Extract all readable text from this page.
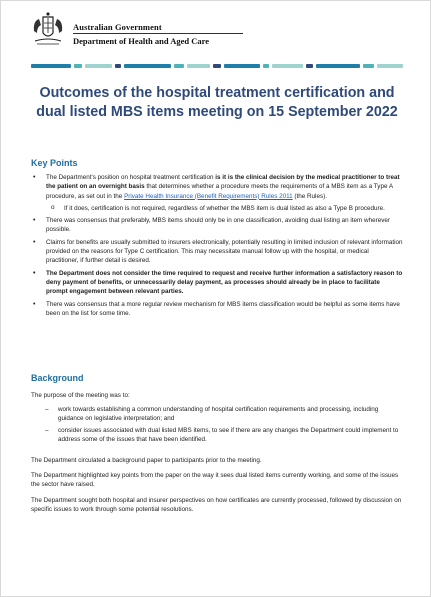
Australian Government
Department of Health and Aged Care
Outcomes of the hospital treatment certification and dual listed MBS items meeting on 15 September 2022
Key Points
• The Department's position on hospital treatment certification is it is the clinical decision by the medical practitioner to treat the patient on an overnight basis that determines whether a procedure meets the requirements of a MBS item as a Type A procedure, as set out in the Private Health Insurance (Benefit Requirements) Rules 2011 (the Rules).
o If it does, certification is not required, regardless of whether the MBS item is dual listed as also a Type B procedure.
• There was consensus that preferably, MBS items should only be in one classification, avoiding dual listing an item wherever possible.
• Claims for benefits are usually submitted to insurers electronically, potentially resulting in limited inclusion of relevant information provided on the reasons for Type C certification. This may necessitate manual follow up with the hospital, or medical practitioner, if further detail is desired.
• The Department does not consider the time required to request and receive further information a satisfactory reason to deny payment of benefits, or unnecessarily delay payment, as processes should already be in place to facilitate prompt engagement between relevant parties.
• There was consensus that a more regular review mechanism for MBS items classification would be helpful as some items have been on the list for some time.
Background

The purpose of the meeting was to:

– work towards establishing a common understanding of hospital certification requirements and processing, including guidance on legislative interpretation; and
– consider issues associated with dual listed MBS items, to see if there are any changes the Department could implement to address some of the issues that have been identified.

The Department circulated a background paper to participants prior to the meeting.

The Department highlighted key points from the paper on the way it sees dual listed items currently working, and some of the issues the sector have raised.

The Department sought both hospital and insurer perspectives on how certificates are currently processed, followed by discussion on specific issues to work through some potential resolutions.
